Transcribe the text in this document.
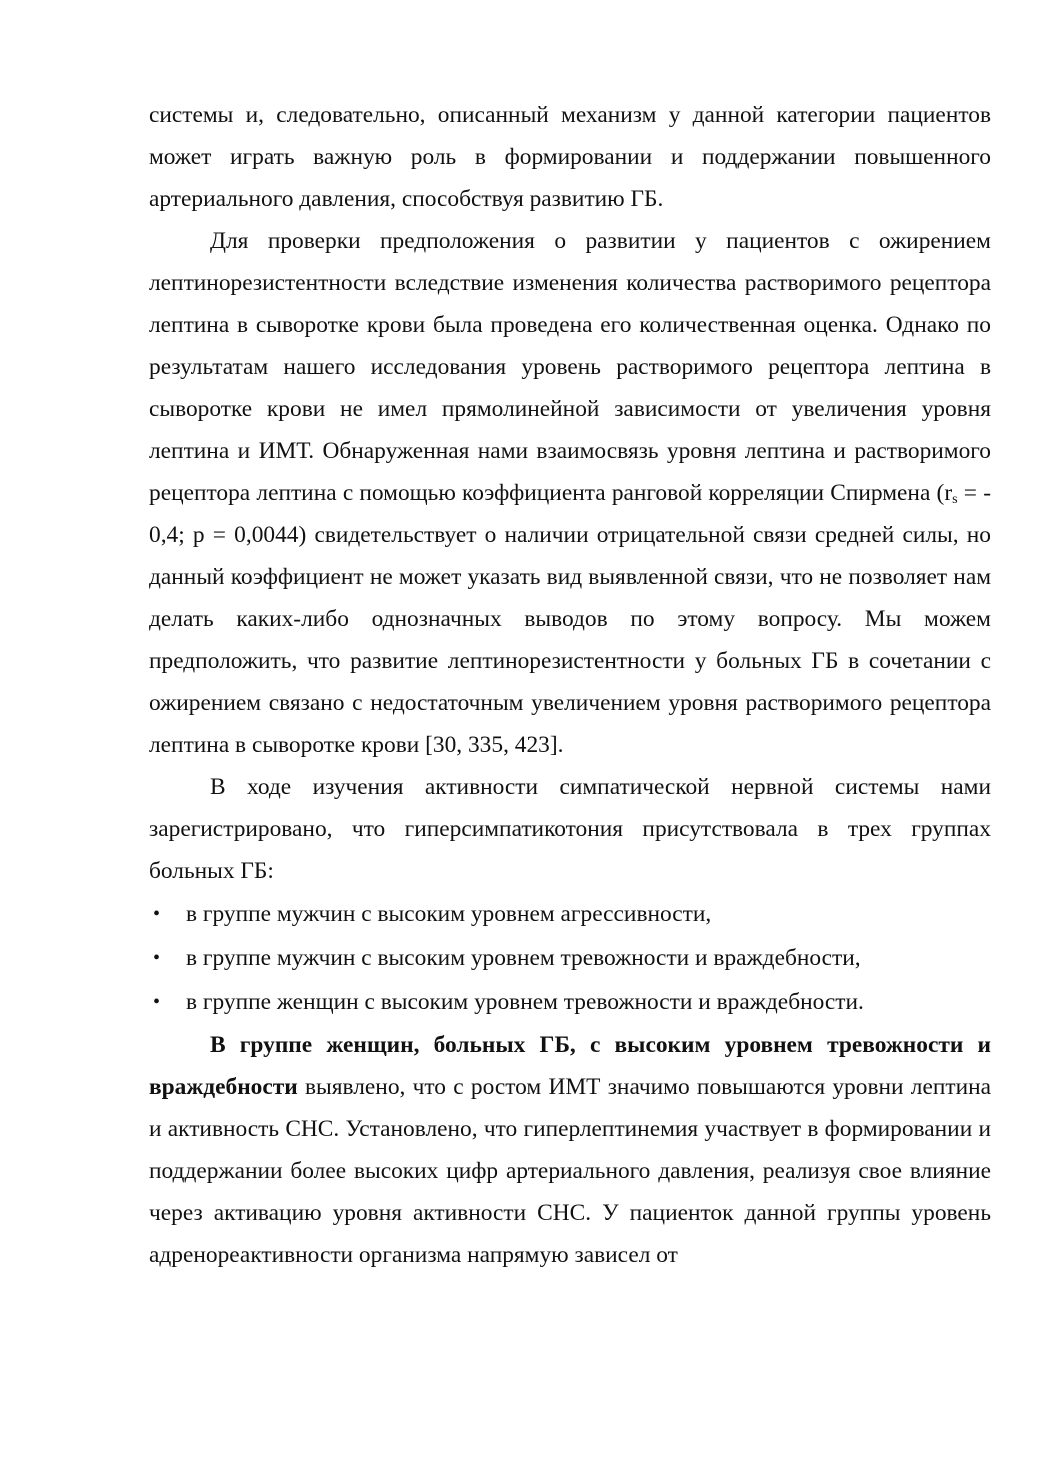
системы и, следовательно, описанный механизм у данной категории пациентов может играть важную роль в формировании и поддержании повышенного артериального давления, способствуя развитию ГБ.

Для проверки предположения о развитии у пациентов с ожирением лептинорезистентности вследствие изменения количества растворимого рецептора лептина в сыворотке крови была проведена его количественная оценка. Однако по результатам нашего исследования уровень растворимого рецептора лептина в сыворотке крови не имел прямолинейной зависимости от увеличения уровня лептина и ИМТ. Обнаруженная нами взаимосвязь уровня лептина и растворимого рецептора лептина с помощью коэффициента ранговой корреляции Спирмена ($r_s$ = - 0,4; р = 0,0044) свидетельствует о наличии отрицательной связи средней силы, но данный коэффициент не может указать вид выявленной связи, что не позволяет нам делать каких-либо однозначных выводов по этому вопросу. Мы можем предположить, что развитие лептинорезистентности у больных ГБ в сочетании с ожирением связано с недостаточным увеличением уровня растворимого рецептора лептина в сыворотке крови [30, 335, 423].

В ходе изучения активности симпатической нервной системы нами зарегистрировано, что гиперсимпатикотония присутствовала в трех группах больных ГБ:

• в группе мужчин с высоким уровнем агрессивности,
• в группе мужчин с высоким уровнем тревожности и враждебности,
• в группе женщин с высоким уровнем тревожности и враждебности.

В группе женщин, больных ГБ, с высоким уровнем тревожности и враждебности выявлено, что с ростом ИМТ значимо повышаются уровни лептина и активность СНС. Установлено, что гиперлептинемия участвует в формировании и поддержании более высоких цифр артериального давления, реализуя свое влияние через активацию уровня активности СНС. У пациенток данной группы уровень адренореактивности организма напрямую зависел от
